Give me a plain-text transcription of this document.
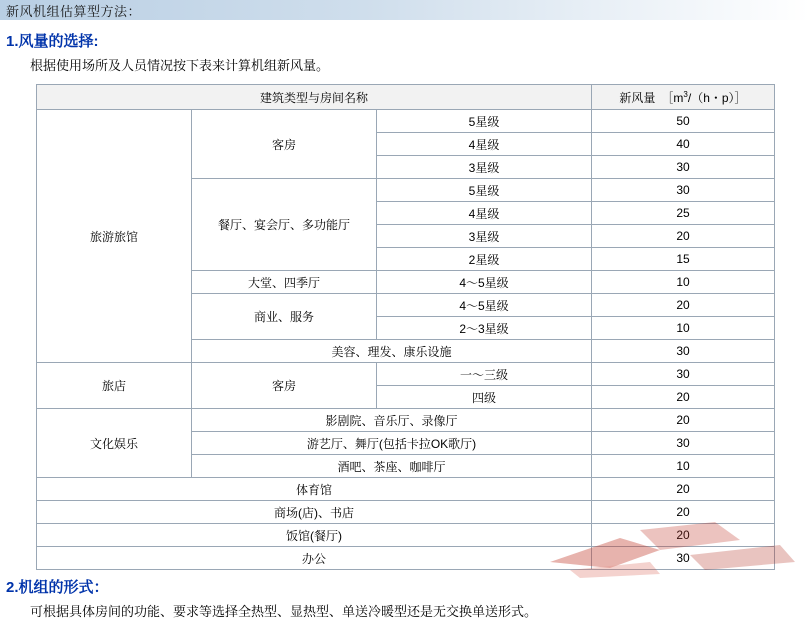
新风机组估算型方法：
1.风量的选择:
根据使用场所及人员情况按下表来计算机组新风量。
建筑类型与房间名称			新风量　$[m^3/(h$・p）］
旅游旅馆	客房	5星级	50
		4星级	40
		3星级	30
	餐厅、宴会厅、多功能厅	5星级	30
		4星级	25
		3星级	20
		2星级	15
	大堂、四季厅	4～5星级	10
	商业、服务	4～5星级	20
		2～3星级	10
	美容、理发、康乐设施		30
旅店	客房	一～三级	30
		四级	20
文化娱乐	影剧院、音乐厅、录像厅		20
	游艺厅、舞厅(包括卡拉OK歌厅)		30
	酒吧、茶座、咖啡厅		10
体育馆			20
商场(店)、书店			20
饭馆(餐厅)			20
办公			30
2.机组的形式：
可根据具体房间的功能、要求等选择全热型、显热型、单送冷暖型还是无交换单送形式。
